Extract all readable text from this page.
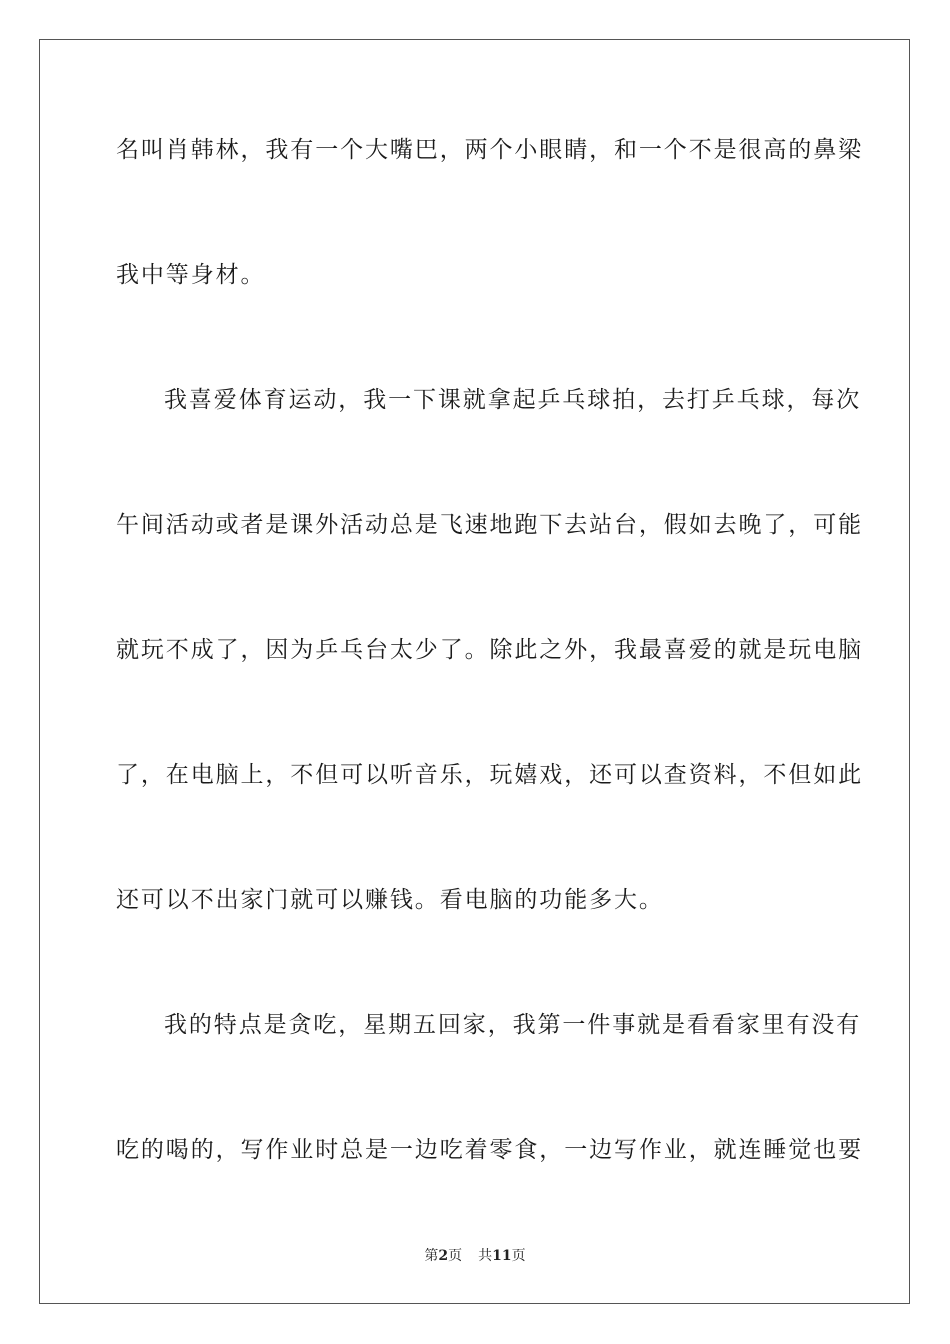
名叫肖韩林，我有一个大嘴巴，两个小眼睛，和一个不是很高的鼻梁
我中等身材。
我喜爱体育运动，我一下课就拿起乒乓球拍，去打乒乓球，每次
午间活动或者是课外活动总是飞速地跑下去站台，假如去晚了，可能
就玩不成了，因为乒乓台太少了。除此之外，我最喜爱的就是玩电脑
了，在电脑上，不但可以听音乐，玩嬉戏，还可以查资料，不但如此
还可以不出家门就可以赚钱。看电脑的功能多大。
我的特点是贪吃，星期五回家，我第一件事就是看看家里有没有
吃的喝的，写作业时总是一边吃着零食，一边写作业，就连睡觉也要
第2页 共11页
